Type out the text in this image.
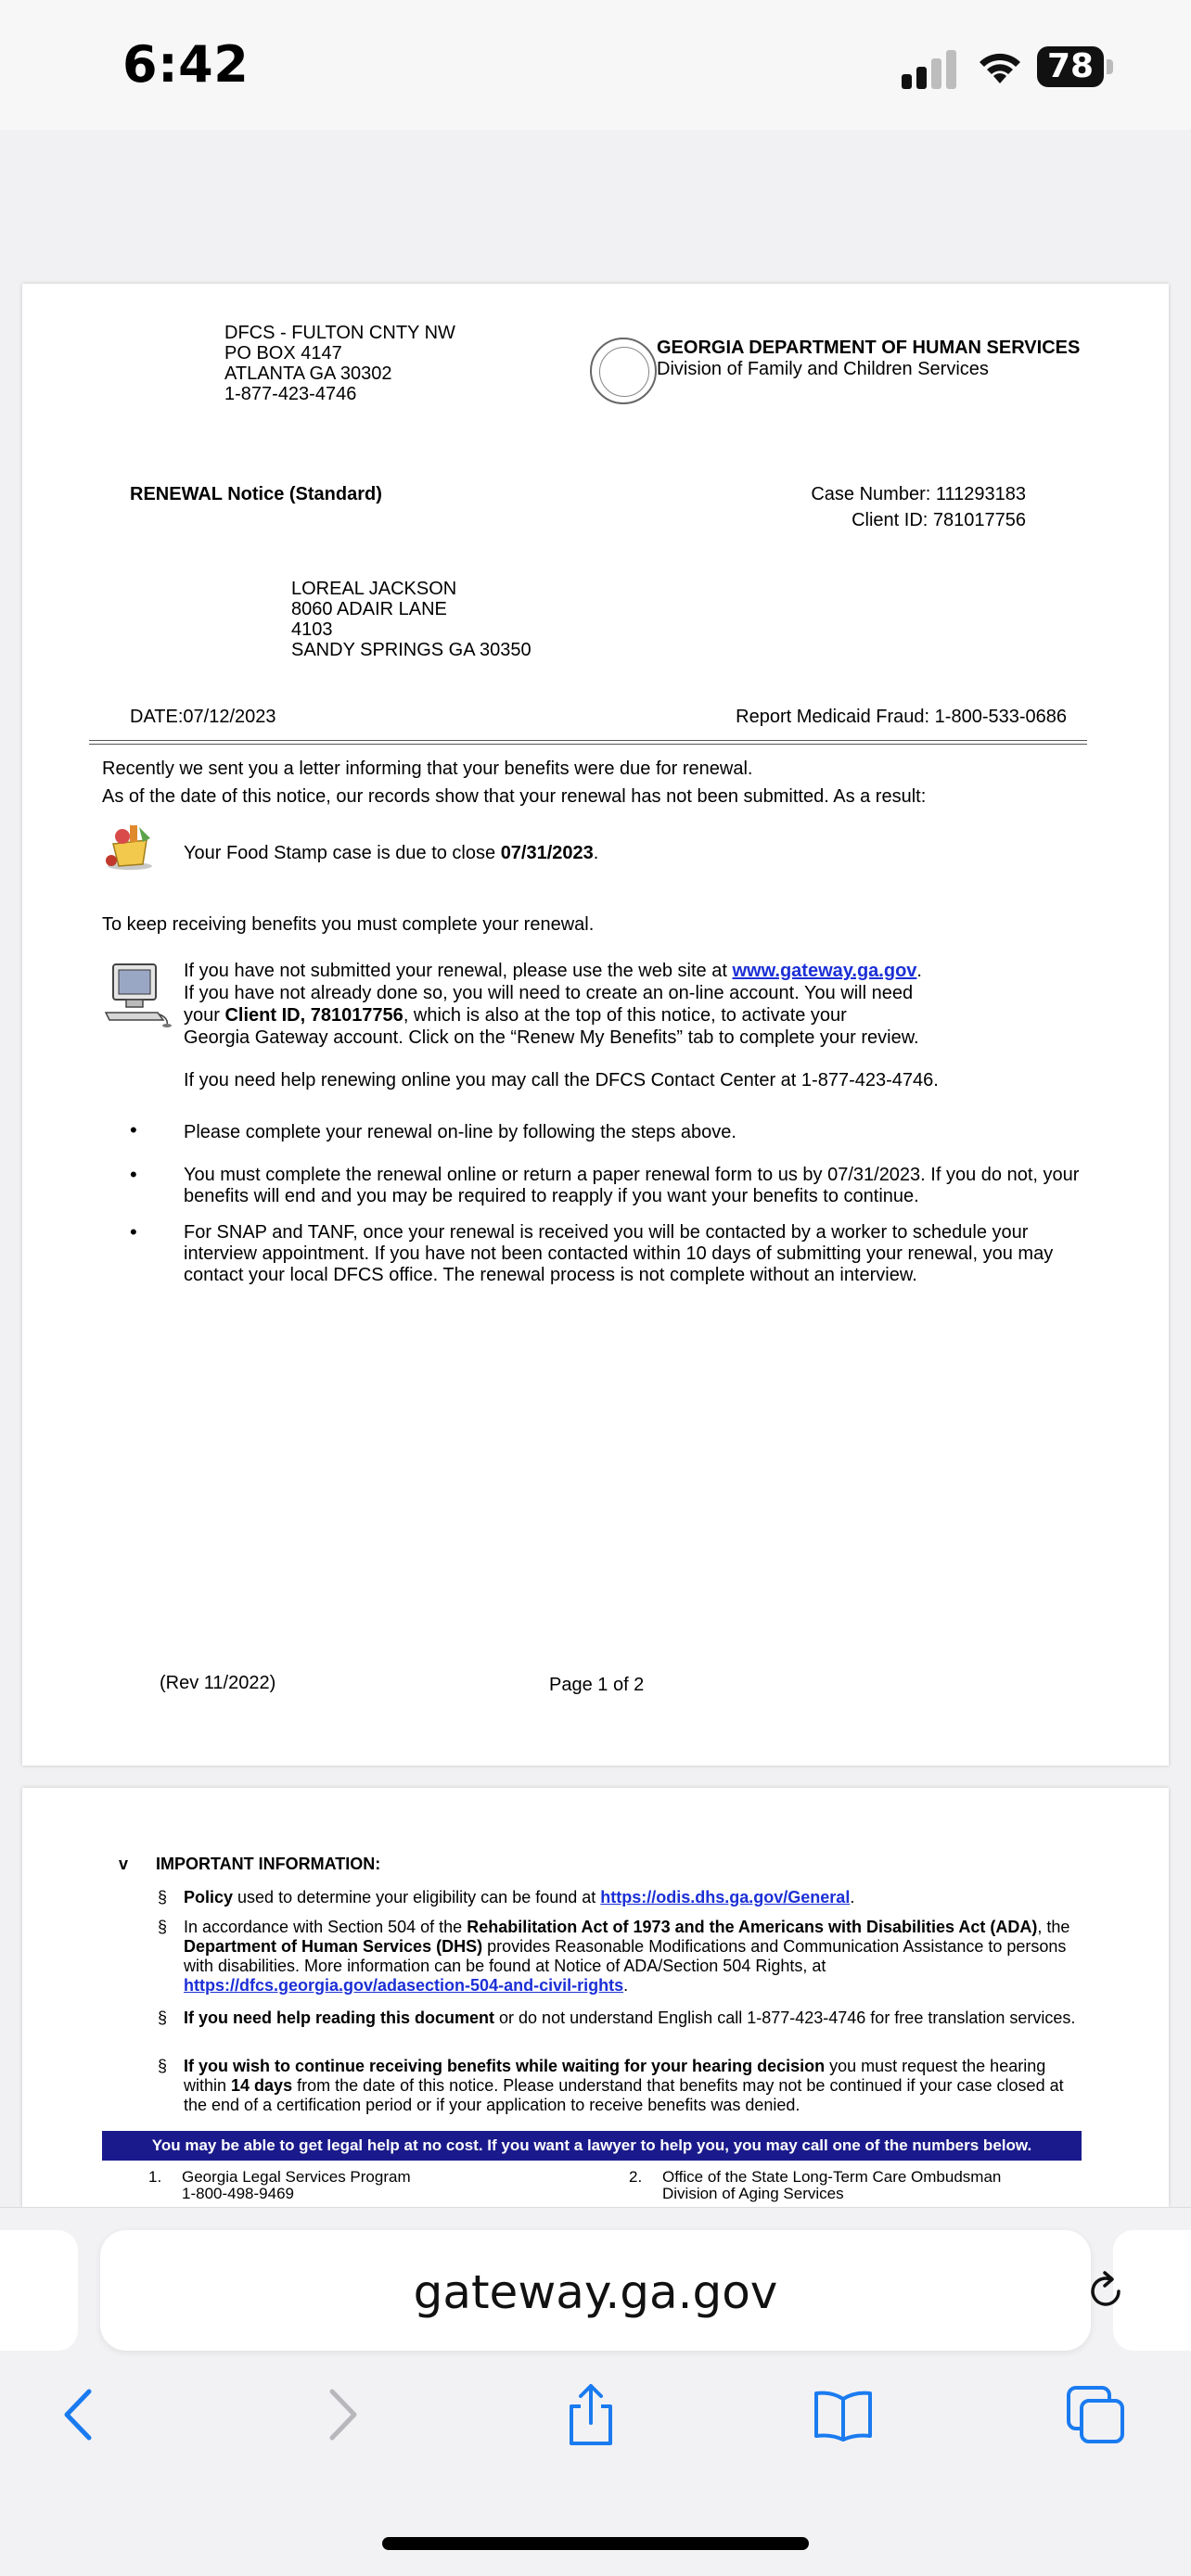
6:42	78
DFCS - FULTON CNTY NW
PO BOX 4147
ATLANTA GA 30302
1-877-423-4746
GEORGIA DEPARTMENT OF HUMAN SERVICES
Division of Family and Children Services
RENEWAL Notice (Standard)	Case Number: 111293183
Client ID: 781017756
LOREAL JACKSON
8060 ADAIR LANE
4103
SANDY SPRINGS GA 30350
DATE:07/12/2023	Report Medicaid Fraud: 1-800-533-0686
Recently we sent you a letter informing that your benefits were due for renewal.
As of the date of this notice, our records show that your renewal has not been submitted. As a result:
Your Food Stamp case is due to close 07/31/2023.
To keep receiving benefits you must complete your renewal.
If you have not submitted your renewal, please use the web site at www.gateway.ga.gov.
If you have not already done so, you will need to create an on-line account. You will need
your Client ID, 781017756, which is also at the top of this notice, to activate your
Georgia Gateway account. Click on the “Renew My Benefits” tab to complete your review.
If you need help renewing online you may call the DFCS Contact Center at 1-877-423-4746.
•	Please complete your renewal on-line by following the steps above.
•	You must complete the renewal online or return a paper renewal form to us by 07/31/2023. If you do not, your benefits will end and you may be required to reapply if you want your benefits to continue.
•	For SNAP and TANF, once your renewal is received you will be contacted by a worker to schedule your interview appointment. If you have not been contacted within 10 days of submitting your renewal, you may contact your local DFCS office. The renewal process is not complete without an interview.
(Rev 11/2022)	Page 1 of 2
v IMPORTANT INFORMATION:
§ Policy used to determine your eligibility can be found at https://odis.dhs.ga.gov/General.
§ In accordance with Section 504 of the Rehabilitation Act of 1973 and the Americans with Disabilities Act (ADA), the Department of Human Services (DHS) provides Reasonable Modifications and Communication Assistance to persons with disabilities. More information can be found at Notice of ADA/Section 504 Rights, at https://dfcs.georgia.gov/adasection-504-and-civil-rights.
§ If you need help reading this document or do not understand English call 1-877-423-4746 for free translation services.
§ If you wish to continue receiving benefits while waiting for your hearing decision you must request the hearing within 14 days from the date of this notice. Please understand that benefits may not be continued if your case closed at the end of a certification period or if your application to receive benefits was denied.
You may be able to get legal help at no cost. If you want a lawyer to help you, you may call one of the numbers below.
1. Georgia Legal Services Program
1-800-498-9469
2. Office of the State Long-Term Care Ombudsman
Division of Aging Services
gateway.ga.gov
